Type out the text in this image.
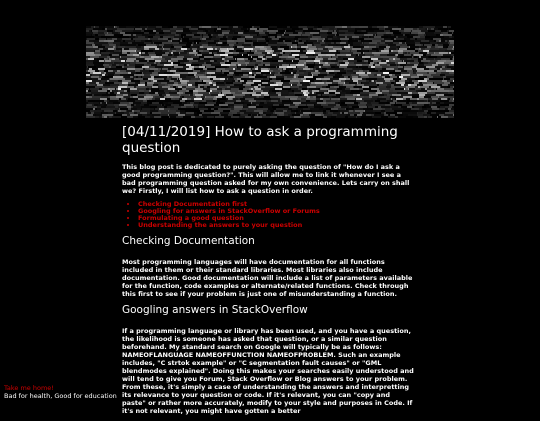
[04/11/2019] How to ask a programming question

This blog post is dedicated to purely asking the question of "How do I ask a good programming question?". This will allow me to link it whenever I see a bad programming question asked for my own convenience. Lets carry on shall we? Firstly, I will list how to ask a question in order.

• Checking Documentation first
• Googling for answers in StackOverflow or Forums
• Formulating a good question
• Understanding the answers to your question
Checking Documentation

Most programming languages will have documentation for all functions included in them or their standard libraries. Most libraries also include documentation. Good documentation will include a list of parameters available for the function, code examples or alternate/related functions. Check through this first to see if your problem is just one of misunderstanding a function.

Googling answers in StackOverflow

If a programming language or library has been used, and you have a question, the likelihood is someone has asked that question, or a similar question beforehand. My standard search on Google will typically be as follows: NAMEOFLANGUAGE NAMEOFFUNCTION NAMEOFPROBLEM. Such an example includes, "C strtok example" or "C segmentation fault causes" or "GML blendmodes explained". Doing this makes your searches easily understood and will tend to give you Forum, Stack Overflow or Blog answers to your problem. From these, it's simply a case of understanding the answers and interpretting its relevance to your question or code. If it's relevant, you can "copy and paste" or rather more accurately, modify to your style and purposes in Code. If it's not relevant, you might have gotten a better

Take me home!
Bad for health, Good for education
